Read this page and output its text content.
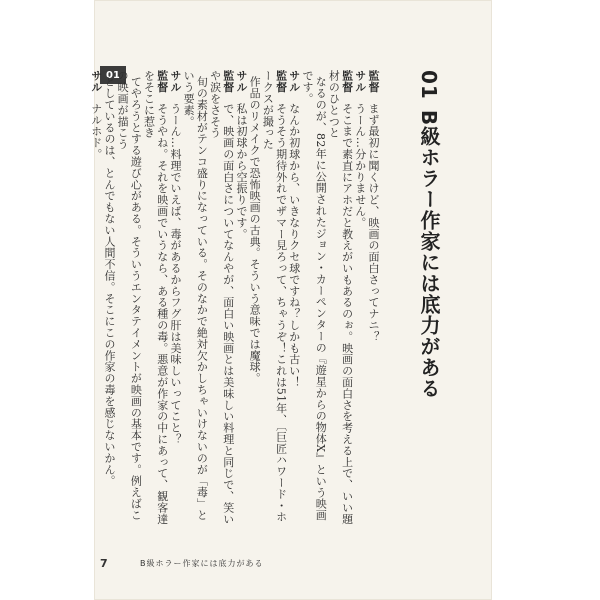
01	01B級ホラー作家には底力がある
監督 まず最初に聞くけど、映画の面白さってナニ？
サル うーん…分かりません。
監督 そこまで素直にアホだと教えがいもあるのぉ。映画の面白さを考える上で、いい題材のひとつと
なるのが、82年に公開されたジョン・カーペンターの『遊星からの物体X』という映画です。
サル なんか初球から、いきなりクセ球ですね？しかも古い！
監督 そうそう期待外れでザマー見ろって、ちゃうぞ！これは51年、〔巨匠ハワード・ホークスが撮った
作品のリメイクで恐怖映画の古典。そういう意味では魔球。
サル 私は初球から空振りです。
監督 で、映画の面白さについてなんやが、面白い映画とは美味しい料理と同じで、笑いや涙をさそう
旬の素材がテンコ盛りになっている。そのなかで絶対欠かしちゃいけないのが「毒」という要素。
サル うーん…料理でいえば、毒があるからフグ肝は美味しいってこと？
監督 そうやね。それを映画でいうなら、ある種の毒。悪意が作家の中にあって、観客達をそこに惹き
てやろうとする遊び心がある。そういうエンタテイメントが映画の基本です。例えばこの映画が描こう
としているのは、とんでもない人間不信。そこにこの作家の毒を感じないかん。
サル ナルホド。
7	B級ホラー作家には底力がある
